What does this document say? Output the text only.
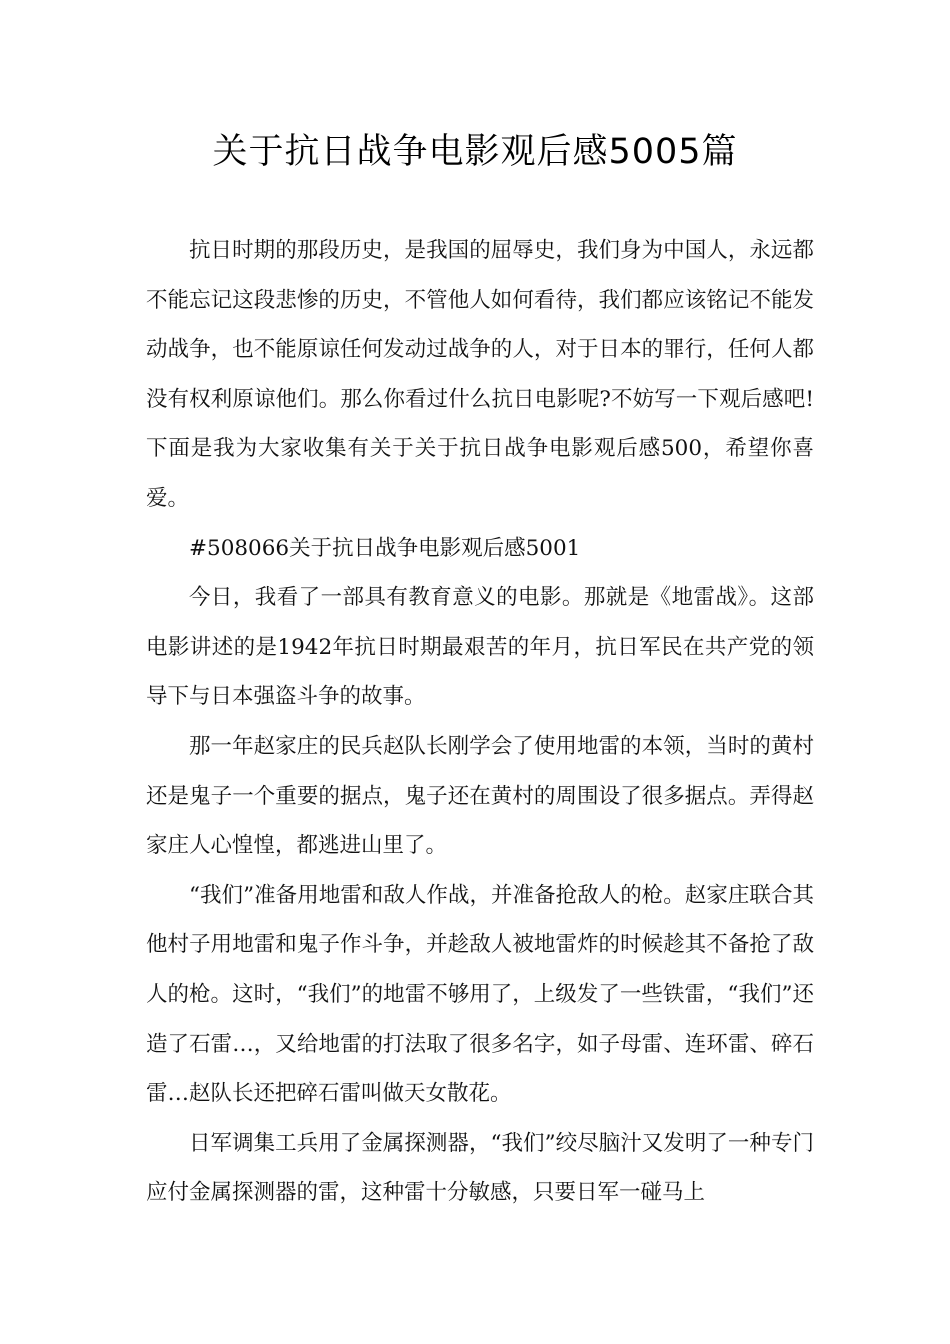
关于抗日战争电影观后感5005篇

抗日时期的那段历史，是我国的屈辱史，我们身为中国人，永远都不能忘记这段悲惨的历史，不管他人如何看待，我们都应该铭记不能发动战争，也不能原谅任何发动过战争的人，对于日本的罪行，任何人都没有权利原谅他们。那么你看过什么抗日电影呢?不妨写一下观后感吧!下面是我为大家收集有关于关于抗日战争电影观后感500，希望你喜爱。

#508066关于抗日战争电影观后感5001

今日，我看了一部具有教育意义的电影。那就是《地雷战》。这部电影讲述的是1942年抗日时期最艰苦的年月，抗日军民在共产党的领导下与日本强盗斗争的故事。

那一年赵家庄的民兵赵队长刚学会了使用地雷的本领，当时的黄村还是鬼子一个重要的据点，鬼子还在黄村的周围设了很多据点。弄得赵家庄人心惶惶，都逃进山里了。

“我们”准备用地雷和敌人作战，并准备抢敌人的枪。赵家庄联合其他村子用地雷和鬼子作斗争，并趁敌人被地雷炸的时候趁其不备抢了敌人的枪。这时，“我们”的地雷不够用了，上级发了一些铁雷，“我们”还造了石雷…，又给地雷的打法取了很多名字，如子母雷、连环雷、碎石雷…赵队长还把碎石雷叫做天女散花。

日军调集工兵用了金属探测器，“我们”绞尽脑汁又发明了一种专门应付金属探测器的雷，这种雷十分敏感，只要日军一碰马上
